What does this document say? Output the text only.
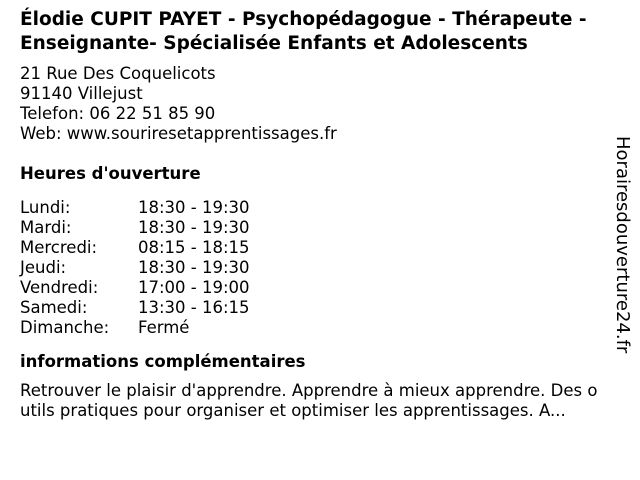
Élodie CUPIT PAYET - Psychopédagogue - Thérapeute - Enseignante- Spécialisée Enfants et Adolescents
21 Rue Des Coquelicots
91140 Villejust
Telefon: 06 22 51 85 90
Web: www.souriresetapprentissages.fr
Heures d'ouverture
Lundi:	18:30 - 19:30
Mardi:	18:30 - 19:30
Mercredi:	08:15 - 18:15
Jeudi:	18:30 - 19:30
Vendredi:	17:00 - 19:00
Samedi:	13:30 - 16:15
Dimanche:	Fermé
informations complémentaires
Retrouver le plaisir d'apprendre. Apprendre à mieux apprendre. Des outils pratiques pour organiser et optimiser les apprentissages. A...
Horairesdouverture24.fr
